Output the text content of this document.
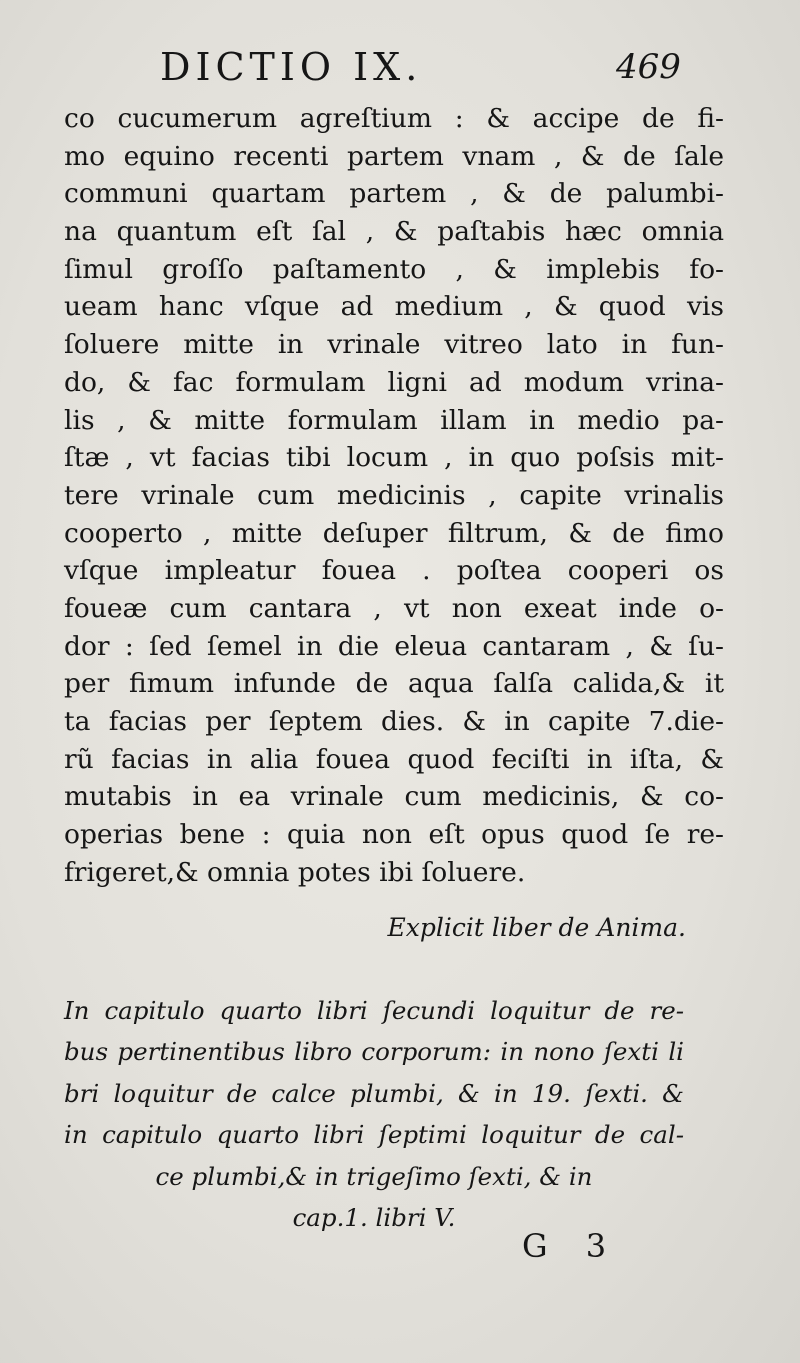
DICTIO IX.	469
co cucumerum agreſtium : & accipe de fi-
mo equino recenti partem vnam , & de ſale
communi quartam partem , & de palumbi-
na quantum eſt ſal , & paſtabis hæc omnia
ſimul groſſo paſtamento , & implebis fo-
ueam hanc vſque ad medium , & quod vis
ſoluere mitte in vrinale vitreo lato in fun-
do, & fac formulam ligni ad modum vrina-
lis , & mitte formulam illam in medio pa-
ſtæ , vt facias tibi locum , in quo poſsis mit-
tere vrinale cum medicinis , capite vrinalis
cooperto , mitte deſuper filtrum, & de fimo
vſque impleatur fouea . poſtea cooperi os
foueæ cum cantara , vt non exeat inde o-
dor : ſed ſemel in die eleua cantaram , & ſu-
per fimum infunde de aqua ſalſa calida,& it
ta facias per ſeptem dies. & in capite 7.die-
rũ facias in alia fouea quod feciſti in iſta, &
mutabis in ea vrinale cum medicinis, & co-
operias bene : quia non eſt opus quod ſe re-
frigeret,& omnia potes ibi ſoluere.
Explicit liber de Anima.
In capitulo quarto libri ſecundi loquitur de re-
bus pertinentibus libro corporum: in nono ſexti li
bri loquitur de calce plumbi, & in 19. ſexti. &
in capitulo quarto libri ſeptimi loquitur de cal-
ce plumbi,& in trigeſimo ſexti, & in
cap.1. libri V.
G 3
